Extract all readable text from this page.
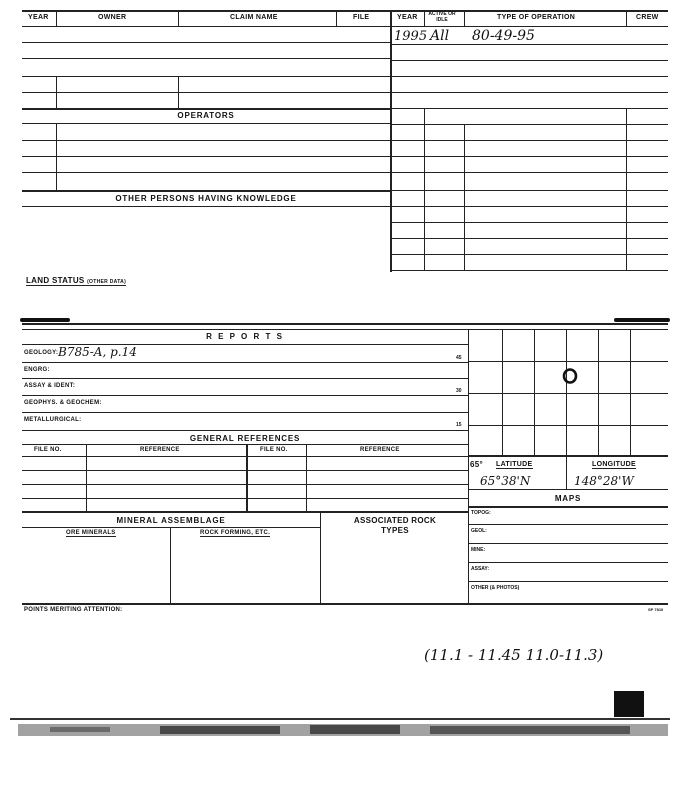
YEAR	OWNER	CLAIM NAME	FILE	YEAR ACTIVE OR IDLE	TYPE OF OPERATION	CREW
1995 All 80-49-95
OPERATORS
OTHER PERSONS HAVING KNOWLEDGE
LAND STATUS (OTHER DATA)
R E P O R T S
GEOLOGY: B785-A, p.14	45
ENGRG:
ASSAY & IDENT:
30
GEOPHYS. & GEOCHEM:
METALLURGICAL:
15
GENERAL REFERENCES
FILE NO.	REFERENCE	FILE NO.	REFERENCE
MINERAL ASSEMBLAGE
ORE MINERALS	ROCK FORMING, ETC.
ASSOCIATED ROCK TYPES
65° LATITUDE	LONGITUDE
65°38'N	148°28'W
MAPS
TOPOG:
GEOL:
MINE:
ASSAY:
OTHER (& PHOTOS)
POINTS MERITING ATTENTION:	SP 7810
(11.1 - 11.45 11.0-11.3)
